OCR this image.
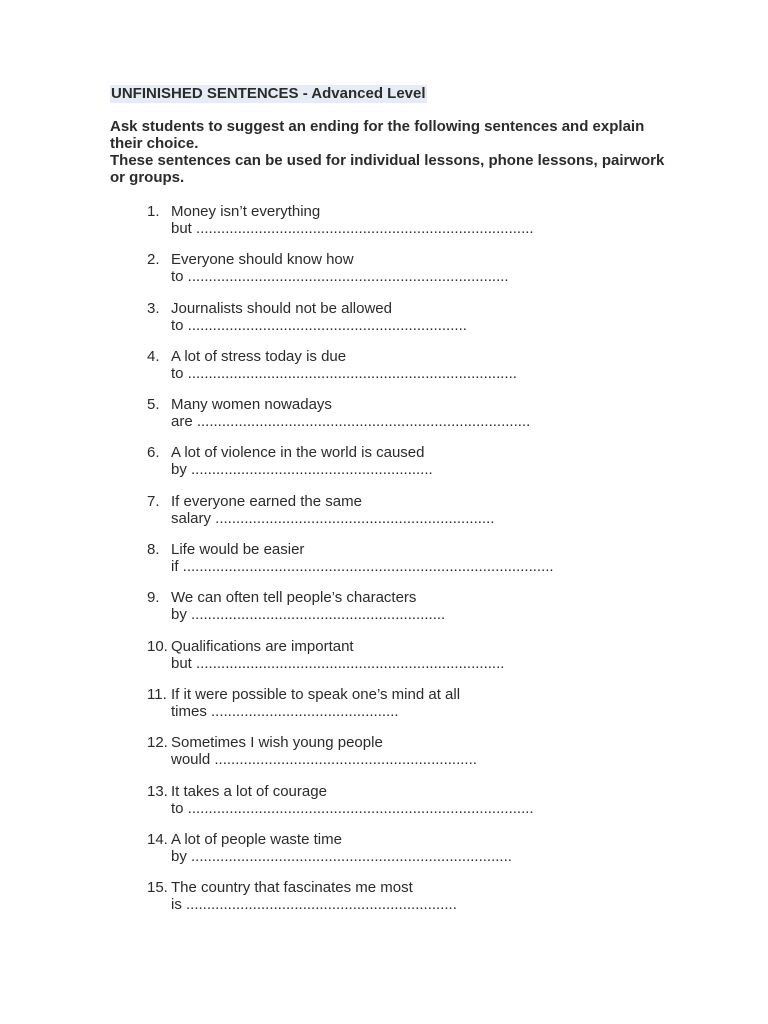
UNFINISHED SENTENCES - Advanced Level

Ask students to suggest an ending for the following sentences and explain their choice.

These sentences can be used for individual lessons, phone lessons, pairwork or groups.

1. Money isn’t everything
but .................................................................................
2. Everyone should know how
to .............................................................................
3. Journalists should not be allowed
to ...................................................................
4. A lot of stress today is due
to ...............................................................................
5. Many women nowadays
are ................................................................................
6. A lot of violence in the world is caused
by ..........................................................
7. If everyone earned the same
salary ...................................................................
8. Life would be easier
if .........................................................................................
9. We can often tell people’s characters
by .............................................................
10. Qualifications are important
but ..........................................................................
11. If it were possible to speak one’s mind at all
times .............................................
12. Sometimes I wish young people
would ...............................................................
13. It takes a lot of courage
to ...................................................................................
14. A lot of people waste time
by .............................................................................
15. The country that fascinates me most
is .................................................................
